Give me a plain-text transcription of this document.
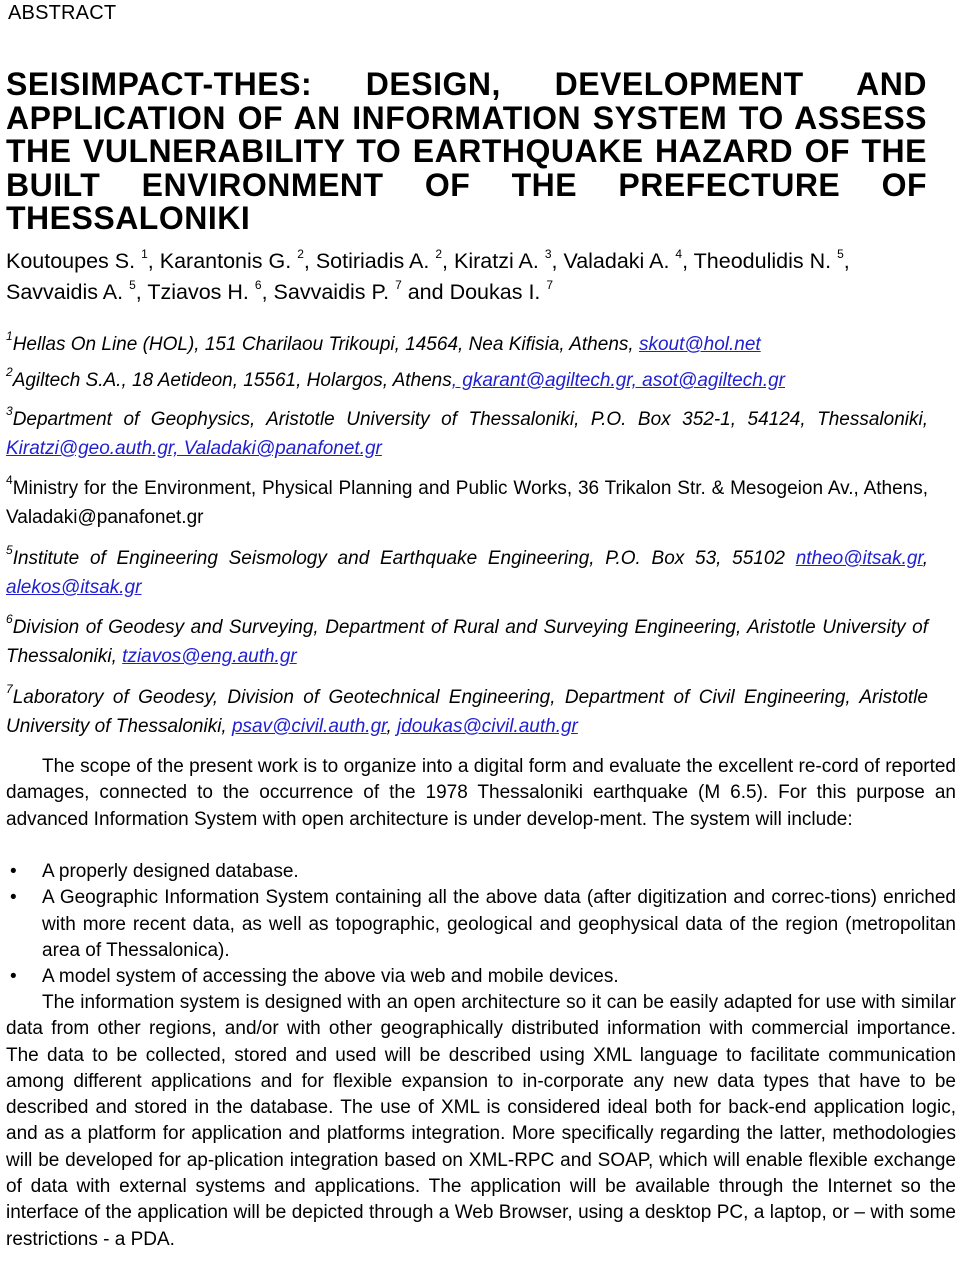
ABSTRACT
SEISIMPACT-THES: DESIGN, DEVELOPMENT AND APPLICATION OF AN INFORMATION SYSTEM TO ASSESS THE VULNERABILITY TO EARTHQUAKE HAZARD OF THE BUILT ENVIRONMENT OF THE PREFECTURE OF THESSALONIKI
Koutoupes S. $^1$, Karantonis G. $^2$, Sotiriadis A. $^2$, Kiratzi A. $^3$, Valadaki A. $^4$, Theodulidis N. $^5$,
Savvaidis A. $^5$, Tziavos H. $^6$, Savvaidis P. $^7$ and Doukas I. $^7$
$^1$Hellas On Line (HOL), 151 Charilaou Trikoupi, 14564, Nea Kifisia, Athens, skout@hol.net
$^2$Agiltech S.A., 18 Aetideon, 15561, Holargos, Athens, gkarant@agiltech.gr, asot@agiltech.gr
$^3$Department of Geophysics, Aristotle University of Thessaloniki, P.O. Box 352-1, 54124, Thessaloniki, Kiratzi@geo.auth.gr, Valadaki@panafonet.gr
$^4$Ministry for the Environment, Physical Planning and Public Works, 36 Trikalon Str. & Mesogeion Av., Athens, Valadaki@panafonet.gr
$^5$Institute of Engineering Seismology and Earthquake Engineering, P.O. Box 53, 55102 ntheo@itsak.gr, alekos@itsak.gr
$^6$Division of Geodesy and Surveying, Department of Rural and Surveying Engineering, Aristotle University of Thessaloniki, tziavos@eng.auth.gr
$^7$Laboratory of Geodesy, Division of Geotechnical Engineering, Department of Civil Engineering, Aristotle University of Thessaloniki, psav@civil.auth.gr, jdoukas@civil.auth.gr
The scope of the present work is to organize into a digital form and evaluate the excellent re-cord of reported damages, connected to the occurrence of the 1978 Thessaloniki earthquake (M 6.5). For this purpose an advanced Information System with open architecture is under develop-ment. The system will include:
• A properly designed database.
• A Geographic Information System containing all the above data (after digitization and correc-tions) enriched with more recent data, as well as topographic, geological and geophysical data of the region (metropolitan area of Thessalonica).
• A model system of accessing the above via web and mobile devices.
The information system is designed with an open architecture so it can be easily adapted for use with similar data from other regions, and/or with other geographically distributed information with commercial importance. The data to be collected, stored and used will be described using XML language to facilitate communication among different applications and for flexible expansion to in-corporate any new data types that have to be described and stored in the database. The use of XML is considered ideal both for back-end application logic, and as a platform for application and platforms integration. More specifically regarding the latter, methodologies will be developed for ap-plication integration based on XML-RPC and SOAP, which will enable flexible exchange of data with external systems and applications. The application will be available through the Internet so the interface of the application will be depicted through a Web Browser, using a desktop PC, a laptop, or – with some restrictions - a PDA.
